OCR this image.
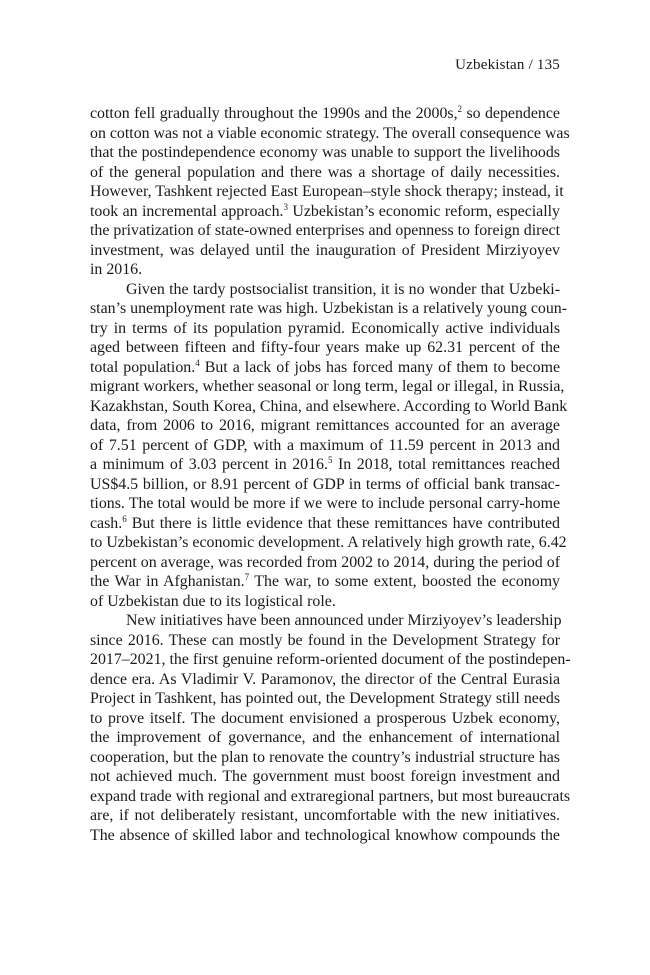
Uzbekistan / 135
cotton fell gradually throughout the 1990s and the 2000s,$^2$ so dependence
on cotton was not a viable economic strategy. The overall consequence was
that the postindependence economy was unable to support the livelihoods
of the general population and there was a shortage of daily necessities.
However, Tashkent rejected East European–style shock therapy; instead, it
took an incremental approach.$^3$ Uzbekistan’s economic reform, especially
the privatization of state-owned enterprises and openness to foreign direct
investment, was delayed until the inauguration of President Mirziyoyev
in 2016.
Given the tardy postsocialist transition, it is no wonder that Uzbeki-
stan’s unemployment rate was high. Uzbekistan is a relatively young coun-
try in terms of its population pyramid. Economically active individuals
aged between fifteen and fifty-four years make up 62.31 percent of the
total population.$^4$ But a lack of jobs has forced many of them to become
migrant workers, whether seasonal or long term, legal or illegal, in Russia,
Kazakhstan, South Korea, China, and elsewhere. According to World Bank
data, from 2006 to 2016, migrant remittances accounted for an average
of 7.51 percent of GDP, with a maximum of 11.59 percent in 2013 and
a minimum of 3.03 percent in 2016.$^5$ In 2018, total remittances reached
US$4.5 billion, or 8.91 percent of GDP in terms of official bank transac-
tions. The total would be more if we were to include personal carry-home
cash.$^6$ But there is little evidence that these remittances have contributed
to Uzbekistan’s economic development. A relatively high growth rate, 6.42
percent on average, was recorded from 2002 to 2014, during the period of
the War in Afghanistan.$^7$ The war, to some extent, boosted the economy
of Uzbekistan due to its logistical role.
New initiatives have been announced under Mirziyoyev’s leadership
since 2016. These can mostly be found in the Development Strategy for
2017–2021, the first genuine reform-oriented document of the postindepen-
dence era. As Vladimir V. Paramonov, the director of the Central Eurasia
Project in Tashkent, has pointed out, the Development Strategy still needs
to prove itself. The document envisioned a prosperous Uzbek economy,
the improvement of governance, and the enhancement of international
cooperation, but the plan to renovate the country’s industrial structure has
not achieved much. The government must boost foreign investment and
expand trade with regional and extraregional partners, but most bureaucrats
are, if not deliberately resistant, uncomfortable with the new initiatives.
The absence of skilled labor and technological knowhow compounds the
